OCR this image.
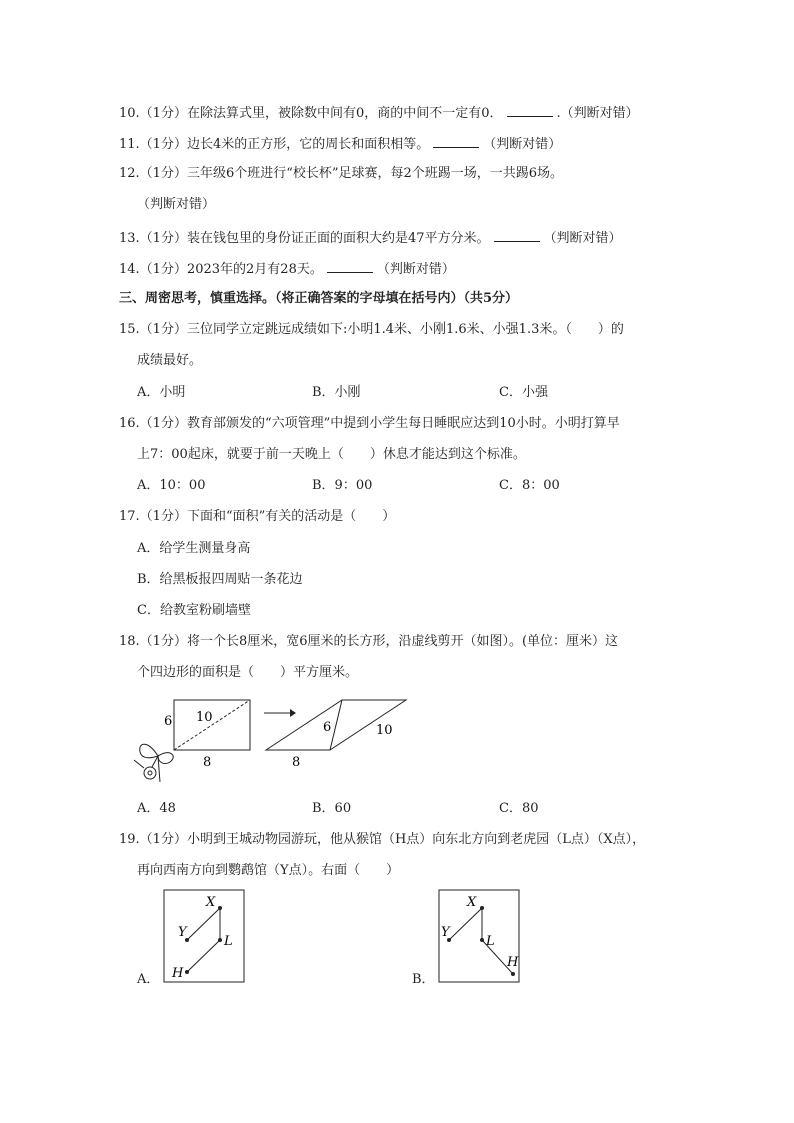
10.（1分）在除法算式里，被除数中间有0，商的中间不一定有0．	.（判断对错）
11.（1分）边长4米的正方形，它的周长和面积相等。	（判断对错）
12.（1分）三年级6个班进行“校长杯”足球赛，每2个班踢一场，一共踢6场。
（判断对错）
13.（1分）装在钱包里的身份证正面的面积大约是47平方分米。	（判断对错）
14.（1分）2023年的2月有28天。	（判断对错）
三、周密思考，慎重选择。（将正确答案的字母填在括号内）（共5分）
15.（1分）三位同学立定跳远成绩如下:小明1.4米、小刚1.6米、小强1.3米。（　　）的
成绩最好。
A．小明	B．小刚	C．小强
16.（1分）教育部颁发的“六项管理”中提到小学生每日睡眠应达到10小时。小明打算早
上7：00起床，就要于前一天晚上（　　）休息才能达到这个标准。
A．10：00	B．9：00	C．8：00
17.（1分）下面和“面积”有关的活动是（　　）
A．给学生测量身高
B．给黑板报四周贴一条花边
C．给教室粉刷墙壁
18.（1分）将一个长8厘米，宽6厘米的长方形，沿虚线剪开（如图）。(单位：厘米）这
个四边形的面积是（　　）平方厘米。
6 10
8
6	10
8
A．48	B．60	C．80
19.（1分）小明到王城动物园游玩，他从猴馆（H点）向东北方向到老虎园（L点）（X点），
再向西南方向到鹦鹉馆（Y点）。右面（　　）
A．
X
Y
L
H	B．
X
Y
L
H
